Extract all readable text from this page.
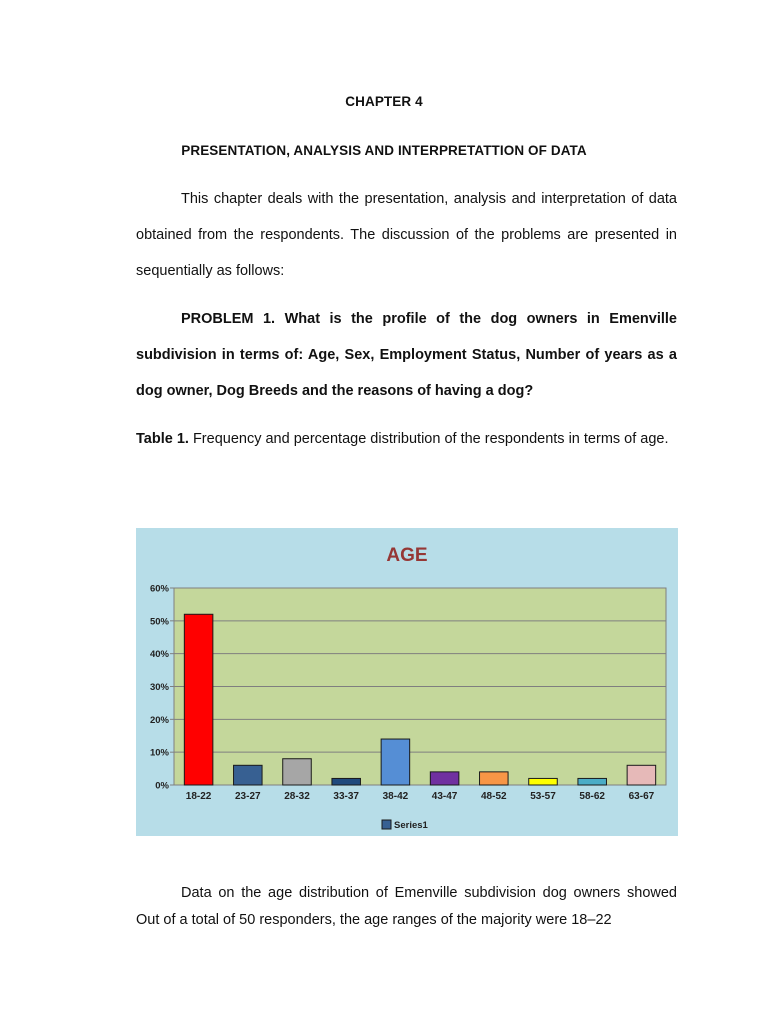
CHAPTER 4
PRESENTATION, ANALYSIS AND INTERPRETATTION OF DATA

This chapter deals with the presentation, analysis and interpretation of data obtained from the respondents. The discussion of the problems are presented in sequentially as follows:

PROBLEM 1. What is the profile of the dog owners in Emenville subdivision in terms of: Age, Sex, Employment Status, Number of years as a dog owner, Dog Breeds and the reasons of having a dog?

Table 1. Frequency and percentage distribution of the respondents in terms of age.

AGE
0%
10%
20%
30%
40%
50%
60%
18-22 23-27 28-32 33-37 38-42 43-47 48-52 53-57 58-62 63-67
Series1

Data on the age distribution of Emenville subdivision dog owners showed Out of a total of 50 responders, the age ranges of the majority were 18–22
